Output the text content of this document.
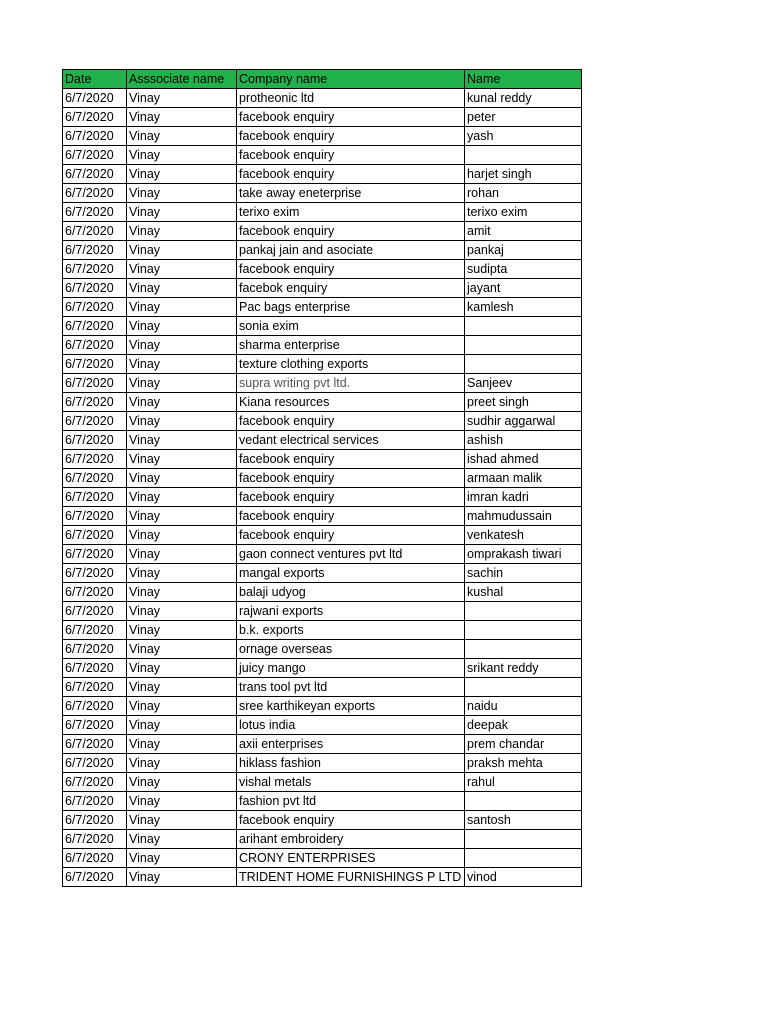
Date	Asssociate name	Company name	Name
6/7/2020	Vinay	protheonic ltd	kunal reddy
6/7/2020	Vinay	facebook enquiry	peter
6/7/2020	Vinay	facebook enquiry	yash
6/7/2020	Vinay	facebook enquiry	
6/7/2020	Vinay	facebook enquiry	harjet singh
6/7/2020	Vinay	take away eneterprise	rohan
6/7/2020	Vinay	terixo exim	terixo exim
6/7/2020	Vinay	facebook enquiry	amit
6/7/2020	Vinay	pankaj jain and asociate	pankaj
6/7/2020	Vinay	facebook enquiry	sudipta
6/7/2020	Vinay	facebok enquiry	jayant
6/7/2020	Vinay	Pac bags enterprise	kamlesh
6/7/2020	Vinay	sonia exim	
6/7/2020	Vinay	sharma enterprise	
6/7/2020	Vinay	texture clothing exports	
6/7/2020	Vinay	supra writing pvt ltd.	Sanjeev
6/7/2020	Vinay	Kiana resources	preet singh
6/7/2020	Vinay	facebook enquiry	sudhir aggarwal
6/7/2020	Vinay	vedant electrical services	ashish
6/7/2020	Vinay	facebook enquiry	ishad ahmed
6/7/2020	Vinay	facebook enquiry	armaan malik
6/7/2020	Vinay	facebook enquiry	imran kadri
6/7/2020	Vinay	facebook enquiry	mahmudussain
6/7/2020	Vinay	facebook enquiry	venkatesh
6/7/2020	Vinay	gaon connect ventures pvt ltd	omprakash tiwari
6/7/2020	Vinay	mangal exports	sachin
6/7/2020	Vinay	balaji udyog	kushal
6/7/2020	Vinay	rajwani exports	
6/7/2020	Vinay	b.k. exports	
6/7/2020	Vinay	ornage overseas	
6/7/2020	Vinay	juicy mango	srikant reddy
6/7/2020	Vinay	trans tool pvt ltd	
6/7/2020	Vinay	sree karthikeyan exports	naidu
6/7/2020	Vinay	lotus india	deepak
6/7/2020	Vinay	axii enterprises	prem chandar
6/7/2020	Vinay	hiklass fashion	praksh mehta
6/7/2020	Vinay	vishal metals	rahul
6/7/2020	Vinay	fashion pvt ltd	
6/7/2020	Vinay	facebook enquiry	santosh
6/7/2020	Vinay	arihant embroidery	
6/7/2020	Vinay	CRONY ENTERPRISES	
6/7/2020	Vinay	TRIDENT HOME FURNISHINGS P LTD	vinod
